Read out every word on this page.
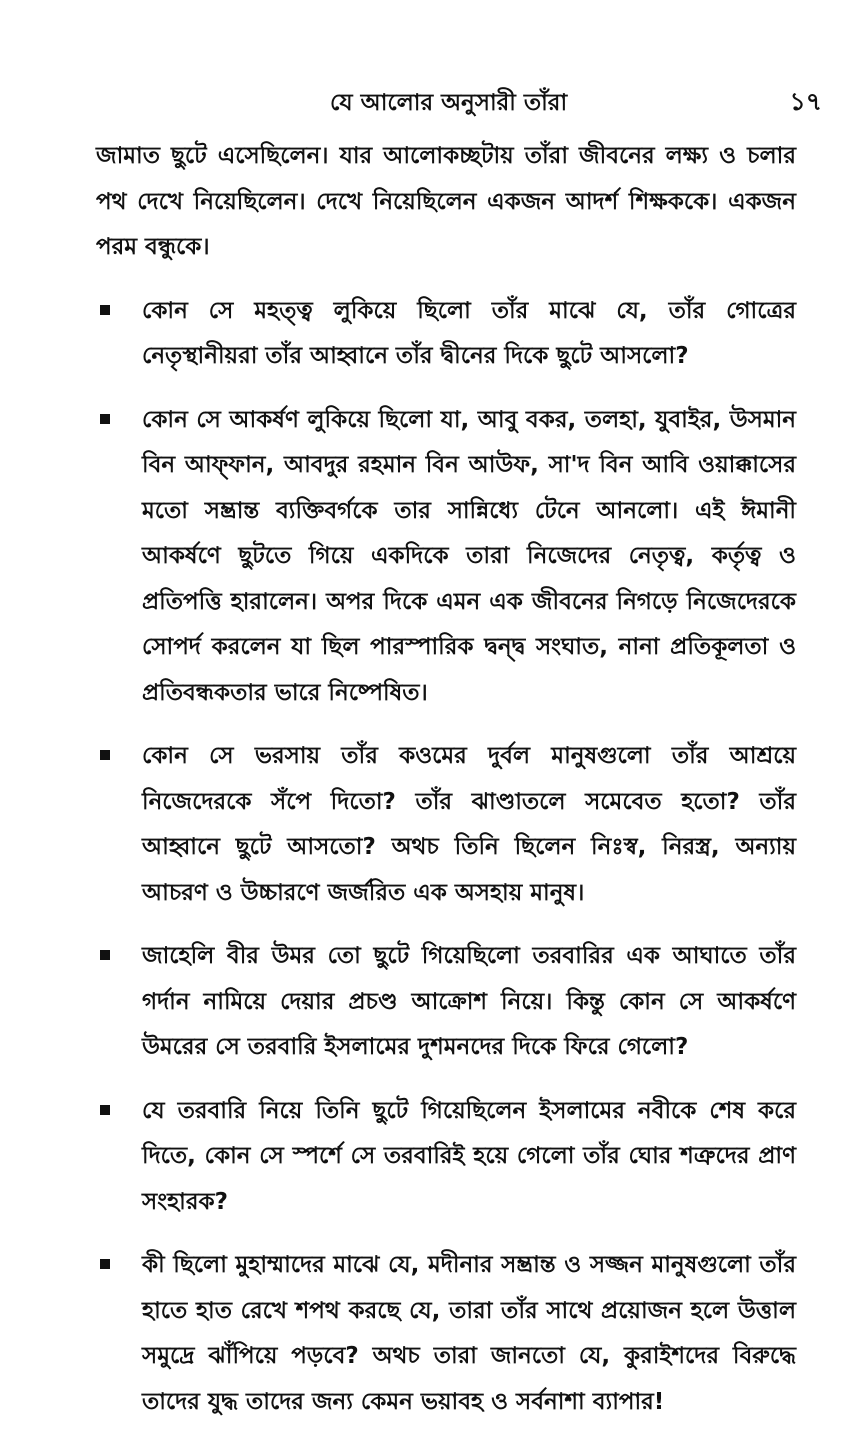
যে আলোর অনুসারী তাঁরা	১৭

জামাত ছুটে এসেছিলেন। যার আলোকচ্ছটায় তাঁরা জীবনের লক্ষ্য ও চলার পথ দেখে নিয়েছিলেন। দেখে নিয়েছিলেন একজন আদর্শ শিক্ষককে। একজন পরম বন্ধুকে।

কোন সে মহত্ত্ব লুকিয়ে ছিলো তাঁর মাঝে যে, তাঁর গোত্রের নেতৃস্থানীয়রা তাঁর আহ্বানে তাঁর দ্বীনের দিকে ছুটে আসলো?
কোন সে আকর্ষণ লুকিয়ে ছিলো যা, আবু বকর, তলহা, যুবাইর, উসমান বিন আফ্ফান, আবদুর রহমান বিন আউফ, সা'দ বিন আবি ওয়াক্কাসের মতো সম্ভ্রান্ত ব্যক্তিবর্গকে তার সান্নিধ্যে টেনে আনলো। এই ঈমানী আকর্ষণে ছুটতে গিয়ে একদিকে তারা নিজেদের নেতৃত্ব, কর্তৃত্ব ও প্রতিপত্তি হারালেন। অপর দিকে এমন এক জীবনের নিগড়ে নিজেদেরকে সোপর্দ করলেন যা ছিল পারস্পারিক দ্বন্দ্ব সংঘাত, নানা প্রতিকূলতা ও প্রতিবন্ধকতার ভারে নিষ্পেষিত।
কোন সে ভরসায় তাঁর কওমের দুর্বল মানুষগুলো তাঁর আশ্রয়ে নিজেদেরকে সঁপে দিতো? তাঁর ঝাণ্ডাতলে সমেবেত হতো? তাঁর আহ্বানে ছুটে আসতো? অথচ তিনি ছিলেন নিঃস্ব, নিরস্ত্র, অন্যায় আচরণ ও উচ্চারণে জর্জরিত এক অসহায় মানুষ।
জাহেলি বীর উমর তো ছুটে গিয়েছিলো তরবারির এক আঘাতে তাঁর গর্দান নামিয়ে দেয়ার প্রচণ্ড আক্রোশ নিয়ে। কিন্তু কোন সে আকর্ষণে উমরের সে তরবারি ইসলামের দুশমনদের দিকে ফিরে গেলো?
যে তরবারি নিয়ে তিনি ছুটে গিয়েছিলেন ইসলামের নবীকে শেষ করে দিতে, কোন সে স্পর্শে সে তরবারিই হয়ে গেলো তাঁর ঘোর শত্রুদের প্রাণ সংহারক?
কী ছিলো মুহাম্মাদের মাঝে যে, মদীনার সম্ভ্রান্ত ও সজ্জন মানুষগুলো তাঁর হাতে হাত রেখে শপথ করছে যে, তারা তাঁর সাথে প্রয়োজন হলে উত্তাল সমুদ্রে ঝাঁপিয়ে পড়বে? অথচ তারা জানতো যে, কুরাইশদের বিরুদ্ধে তাদের যুদ্ধ তাদের জন্য কেমন ভয়াবহ ও সর্বনাশা ব্যাপার!
